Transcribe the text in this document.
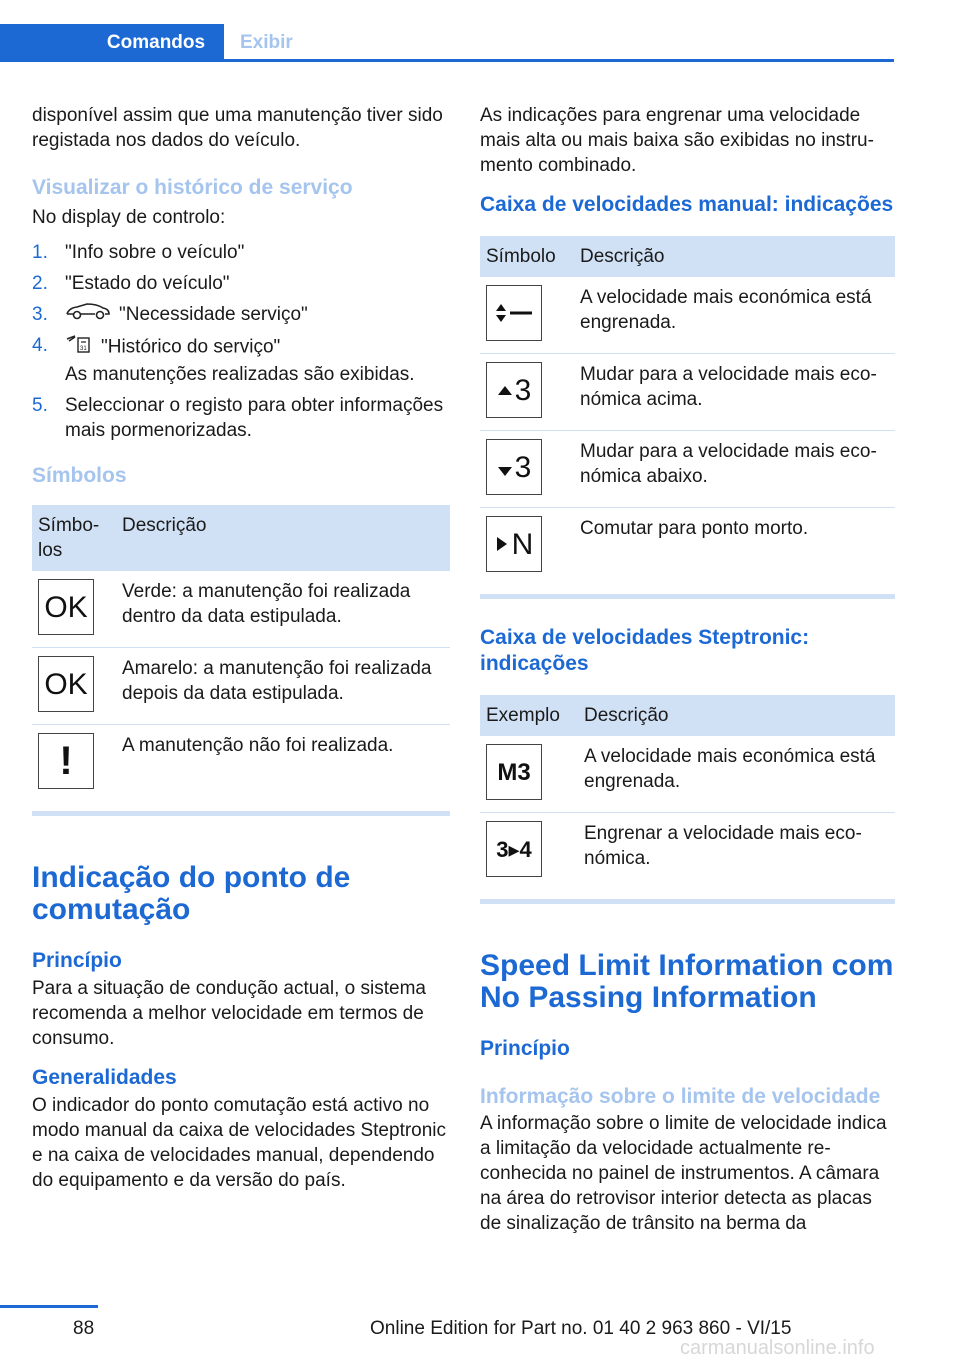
Comandos	Exibir

disponível assim que uma manutenção tiver sido registada nos dados do veículo.

Visualizar o histórico de serviço

No display de controlo:

1. "Info sobre o veículo"
2. "Estado do veículo"
3.	"Necessidade serviço"
4.	31 "Histórico do serviço"
As manutenções realizadas são exibidas.
5. Seleccionar o registo para obter informações mais pormenorizadas.
Símbolos
Símbolos	Descrição

OK	Verde: a manutenção foi realizada dentro da data estipulada.

OK	Amarelo: a manutenção foi realizada depois da data estipulada.

!	A manutenção não foi realizada.
Indicação do ponto de comutação
Princípio

Para a situação de condução actual, o sistema recomenda a melhor velocidade em termos de consumo.

Generalidades

O indicador do ponto comutação está activo no modo manual da caixa de velocidades Steptronic e na caixa de velocidades manual, dependendo do equipamento e da versão do país.

As indicações para engrenar uma velocidade mais alta ou mais baixa são exibidas no instrumento combinado.

Caixa de velocidades manual: indicações
Símbolo	Descrição

	A velocidade mais económica está engrenada.

3	Mudar para a velocidade mais económica acima.

3	Mudar para a velocidade mais económica abaixo.

N	Comutar para ponto morto.
Caixa de velocidades Steptronic: indicações
Exemplo	Descrição

M3	A velocidade mais económica está engrenada.

3▸4	Engrenar a velocidade mais económica.
Speed Limit Information com No Passing Information
Princípio
Informação sobre o limite de velocidade

A informação sobre o limite de velocidade indica a limitação da velocidade actualmente reconhecida no painel de instrumentos. A câmara na área do retrovisor interior detecta as placas de sinalização de trânsito na berma da

88	Online Edition for Part no. 01 40 2 963 860 - VI/15
carmanualsonline.info
